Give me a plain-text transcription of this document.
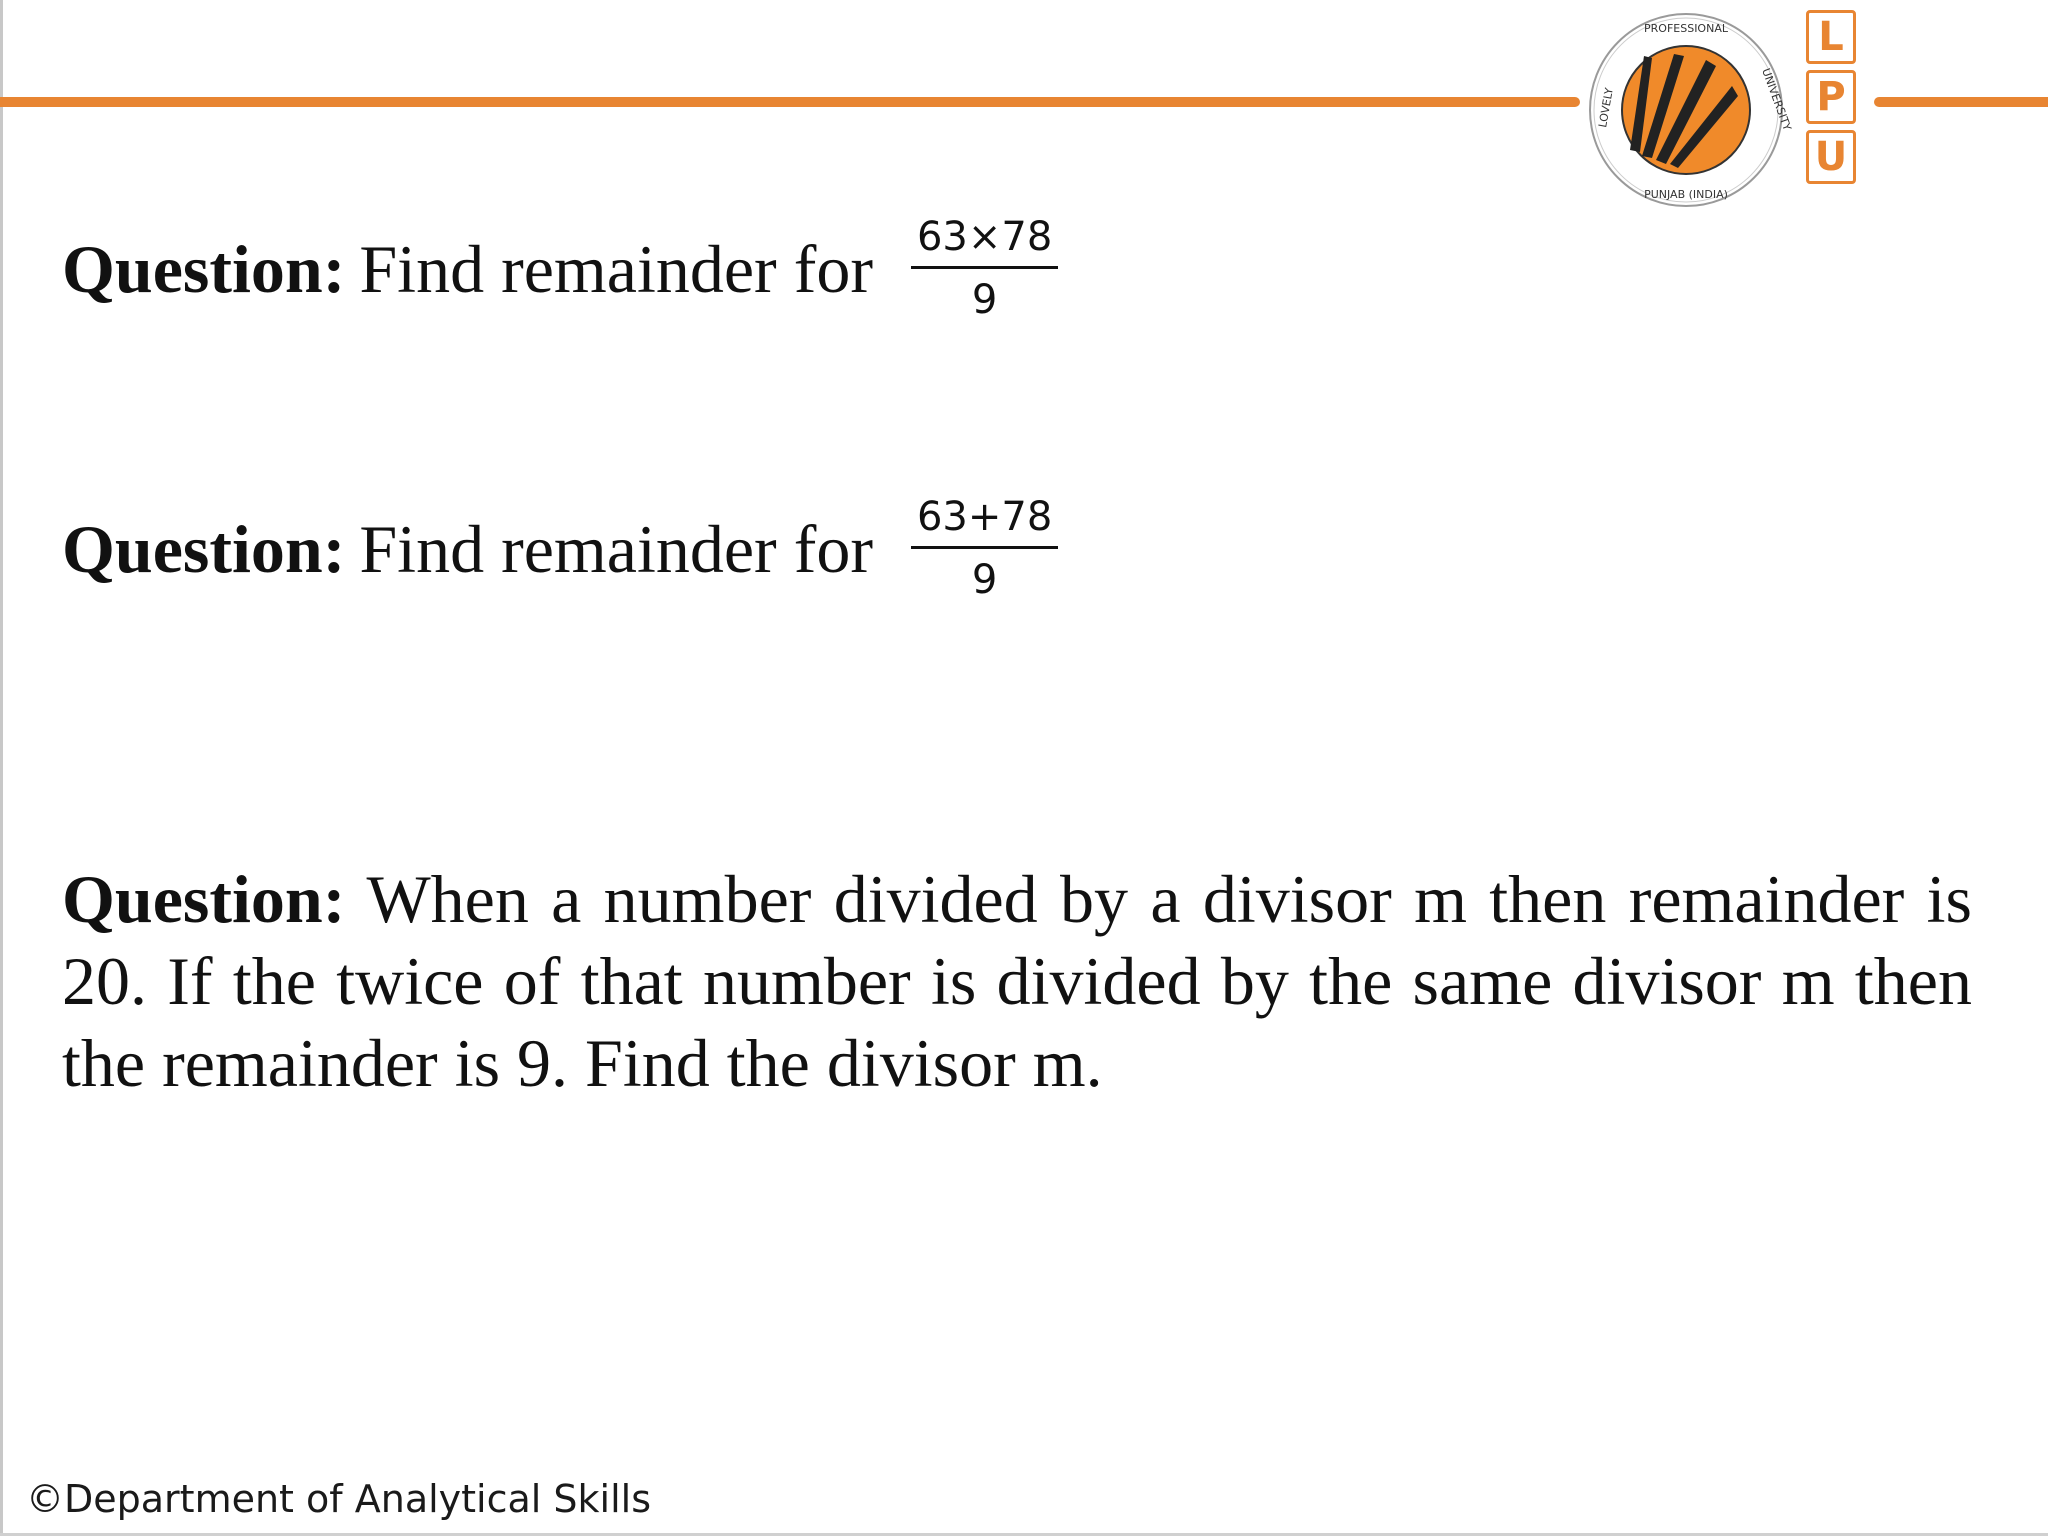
PROFESSIONAL
PUNJAB (INDIA)
LOVELY	UNIVERSITY
L
P
U
Question: Find remainder for $\frac{63\times 78}{9}$
Question: Find remainder for $\frac{63+78}{9}$
Question: When a number divided by a divisor m then remainder is 20. If the twice of that number is divided by the same divisor m then the remainder is 9. Find the divisor m.
©Department of Analytical Skills
